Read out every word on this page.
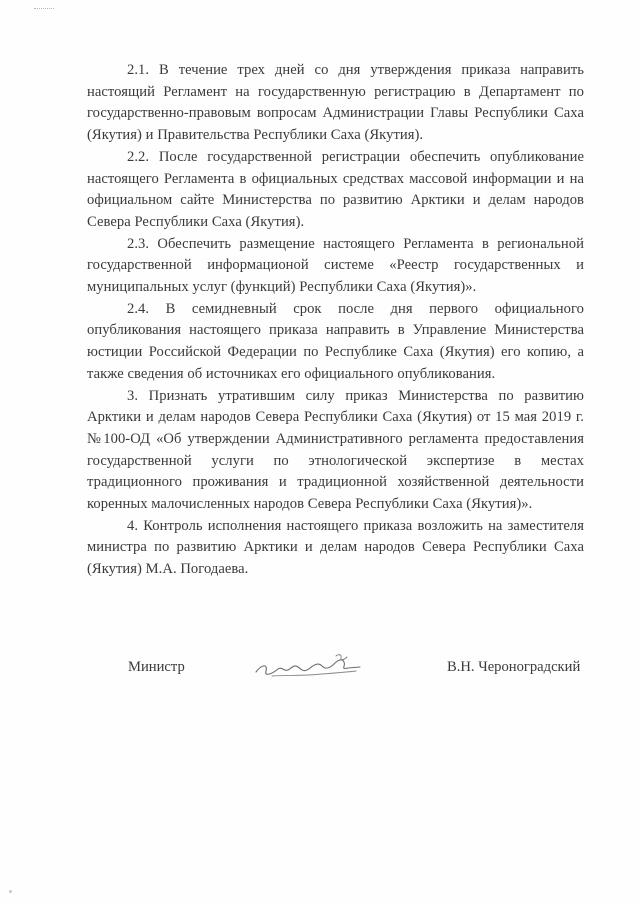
2.1. В течение трех дней со дня утверждения приказа направить настоящий Регламент на государственную регистрацию в Департамент по государственно-правовым вопросам Администрации Главы Республики Саха (Якутия) и Правительства Республики Саха (Якутия).

2.2. После государственной регистрации обеспечить опубликование настоящего Регламента в официальных средствах массовой информации и на официальном сайте Министерства по развитию Арктики и делам народов Севера Республики Саха (Якутия).

2.3. Обеспечить размещение настоящего Регламента в региональной государственной информационой системе «Реестр государственных и муниципальных услуг (функций) Республики Саха (Якутия)».

2.4. В семидневный срок после дня первого официального опубликования настоящего приказа направить в Управление Министерства юстиции Российской Федерации по Республике Саха (Якутия) его копию, а также сведения об источниках его официального опубликования.

3. Признать утратившим силу приказ Министерства по развитию Арктики и делам народов Севера Республики Саха (Якутия) от 15 мая 2019 г. №100-ОД «Об утверждении Административного регламента предоставления государственной услуги по этнологической экспертизе в местах традиционного проживания и традиционной хозяйственной деятельности коренных малочисленных народов Севера Республики Саха (Якутия)».

4. Контроль исполнения настоящего приказа возложить на заместителя министра по развитию Арктики и делам народов Севера Республики Саха (Якутия) М.А. Погодаева.

Министр	В.Н. Чероноградский
